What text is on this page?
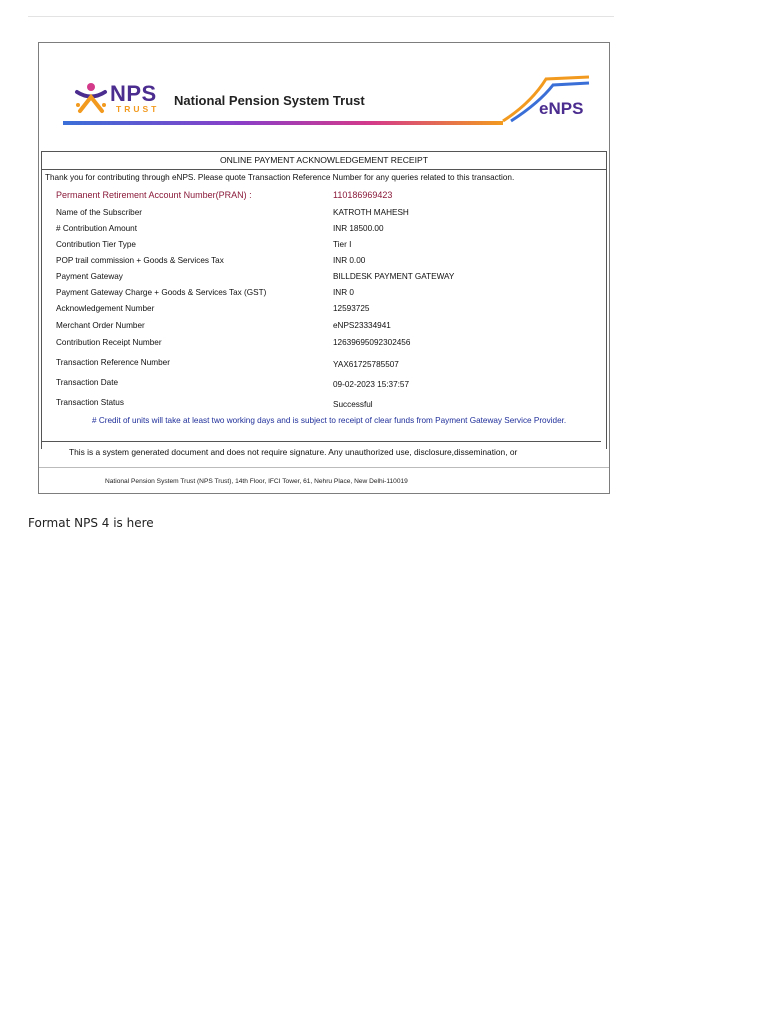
NPS
TRUST
National Pension System Trust	eNPS
ONLINE PAYMENT ACKNOWLEDGEMENT RECEIPT
Thank you for contributing through eNPS. Please quote Transaction Reference Number for any queries related to this transaction.
Permanent Retirement Account Number(PRAN) :	110186969423
Name of the Subscriber	KATROTH MAHESH
# Contribution Amount	INR 18500.00
Contribution Tier Type	Tier I
POP trail commission + Goods & Services Tax	INR 0.00
Payment Gateway	BILLDESK PAYMENT GATEWAY
Payment Gateway Charge + Goods & Services Tax (GST)	INR 0
Acknowledgement Number	12593725
Merchant Order Number	eNPS23334941
Contribution Receipt Number	12639695092302456
Transaction Reference Number	YAX61725785507
Transaction Date	09-02-2023 15:37:57
Transaction Status	Successful
# Credit of units will take at least two working days and is subject to receipt of clear funds from Payment Gateway Service Provider.
This is a system generated document and does not require signature. Any unauthorized use, disclosure,dissemination, or
National Pension System Trust (NPS Trust), 14th Floor, IFCI Tower, 61, Nehru Place, New Delhi-110019
Format NPS 4 is here
